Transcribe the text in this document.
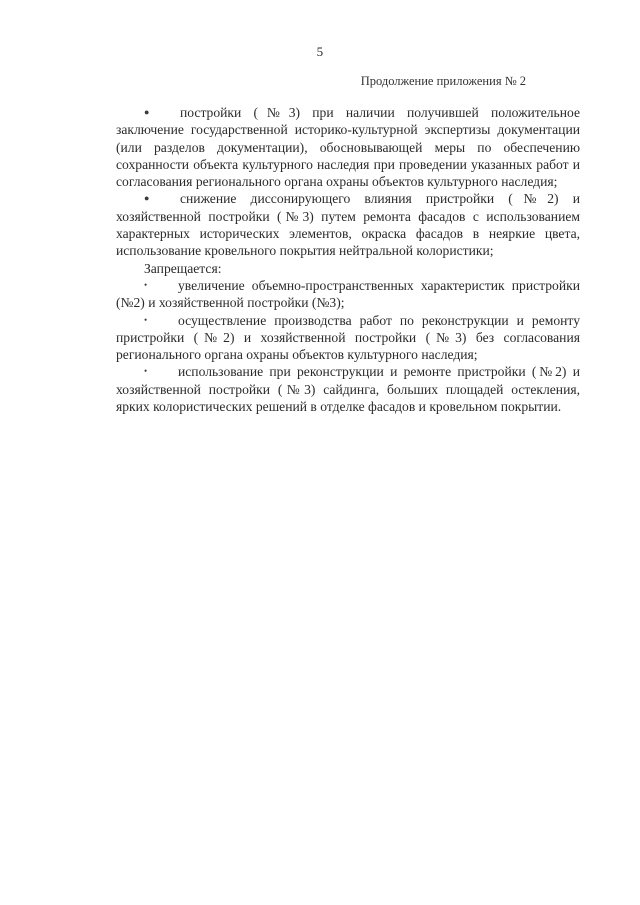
5
Продолжение приложения № 2

● постройки (№3) при наличии получившей положительное заключение государственной историко-культурной экспертизы документации (или разделов документации), обосновывающей меры по обеспечению сохранности объекта культурного наследия при проведении указанных работ и согласования регионального органа охраны объектов культурного наследия;

● снижение диссонирующего влияния пристройки (№2) и хозяйственной постройки (№3) путем ремонта фасадов с использованием характерных исторических элементов, окраска фасадов в неяркие цвета, использование кровельного покрытия нейтральной колористики;

Запрещается:

• увеличение объемно-пространственных характеристик пристройки (№2) и хозяйственной постройки (№3);

• осуществление производства работ по реконструкции и ремонту пристройки (№2) и хозяйственной постройки (№3) без согласования регионального органа охраны объектов культурного наследия;

• использование при реконструкции и ремонте пристройки (№2) и хозяйственной постройки (№3) сайдинга, больших площадей остекления, ярких колористических решений в отделке фасадов и кровельном покрытии.
